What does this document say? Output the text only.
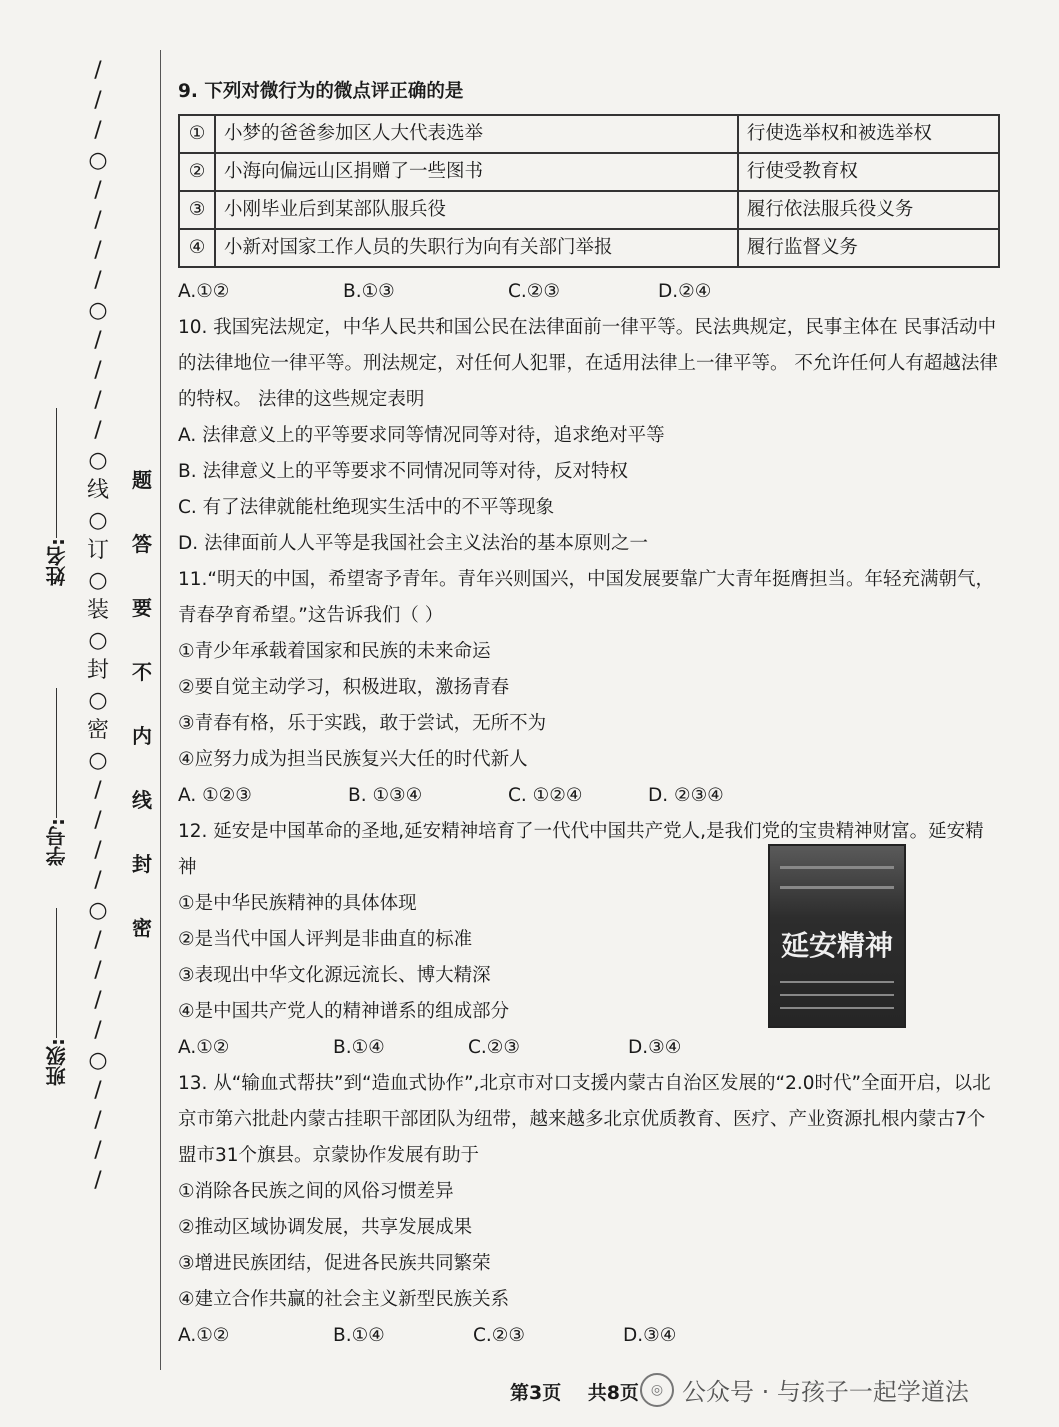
/
/
/
○
/
/
/
/
○
/
/
/
/
○
线
○
订
○
装
○
封
○
密
○
/
/
/
/
○
/
/
/
/
○
/
/
/
/
题
答
要
不
内
线
封
密
姓名:
学号:
班级:
9. 下列对微行为的微点评正确的是
①	小梦的爸爸参加区人大代表选举	行使选举权和被选举权
②	小海向偏远山区捐赠了一些图书	行使受教育权
③	小刚毕业后到某部队服兵役	履行依法服兵役义务
④	小新对国家工作人员的失职行为向有关部门举报	履行监督义务
A.①②	B.①③	C.②③	D.②④
10. 我国宪法规定，中华人民共和国公民在法律面前一律平等。民法典规定，民事主体在 民事活动中的法律地位一律平等。刑法规定，对任何人犯罪，在适用法律上一律平等。 不允许任何人有超越法律的特权。 法律的这些规定表明
A. 法律意义上的平等要求同等情况同等对待，追求绝对平等
B. 法律意义上的平等要求不同情况同等对待，反对特权
C. 有了法律就能杜绝现实生活中的不平等现象
D. 法律面前人人平等是我国社会主义法治的基本原则之一
11.“明天的中国，希望寄予青年。青年兴则国兴，中国发展要靠广大青年挺膺担当。年轻充满朝气，青春孕育希望。”这告诉我们（ ）
①青少年承载着国家和民族的未来命运
②要自觉主动学习，积极进取，激扬青春
③青春有格，乐于实践，敢于尝试，无所不为
④应努力成为担当民族复兴大任的时代新人
A. ①②③	B. ①③④	C. ①②④	D. ②③④
12. 延安是中国革命的圣地,延安精神培育了一代代中国共产党人,是我们党的宝贵精神财富。延安精神
①是中华民族精神的具体体现
②是当代中国人评判是非曲直的标准
③表现出中华文化源远流长、博大精深
④是中国共产党人的精神谱系的组成部分
A.①②	B.①④	C.②③	D.③④
延安精神
13. 从“输血式帮扶”到“造血式协作”,北京市对口支援内蒙古自治区发展的“2.0时代”全面开启，以北京市第六批赴内蒙古挂职干部团队为纽带，越来越多北京优质教育、医疗、产业资源扎根内蒙古7个盟市31个旗县。京蒙协作发展有助于
①消除各民族之间的风俗习惯差异
②推动区域协调发展，共享发展成果
③增进民族团结，促进各民族共同繁荣
④建立合作共赢的社会主义新型民族关系
A.①②	B.①④	C.②③	D.③④
第3页 共8页 ◎ 公众号 · 与孩子一起学道法
